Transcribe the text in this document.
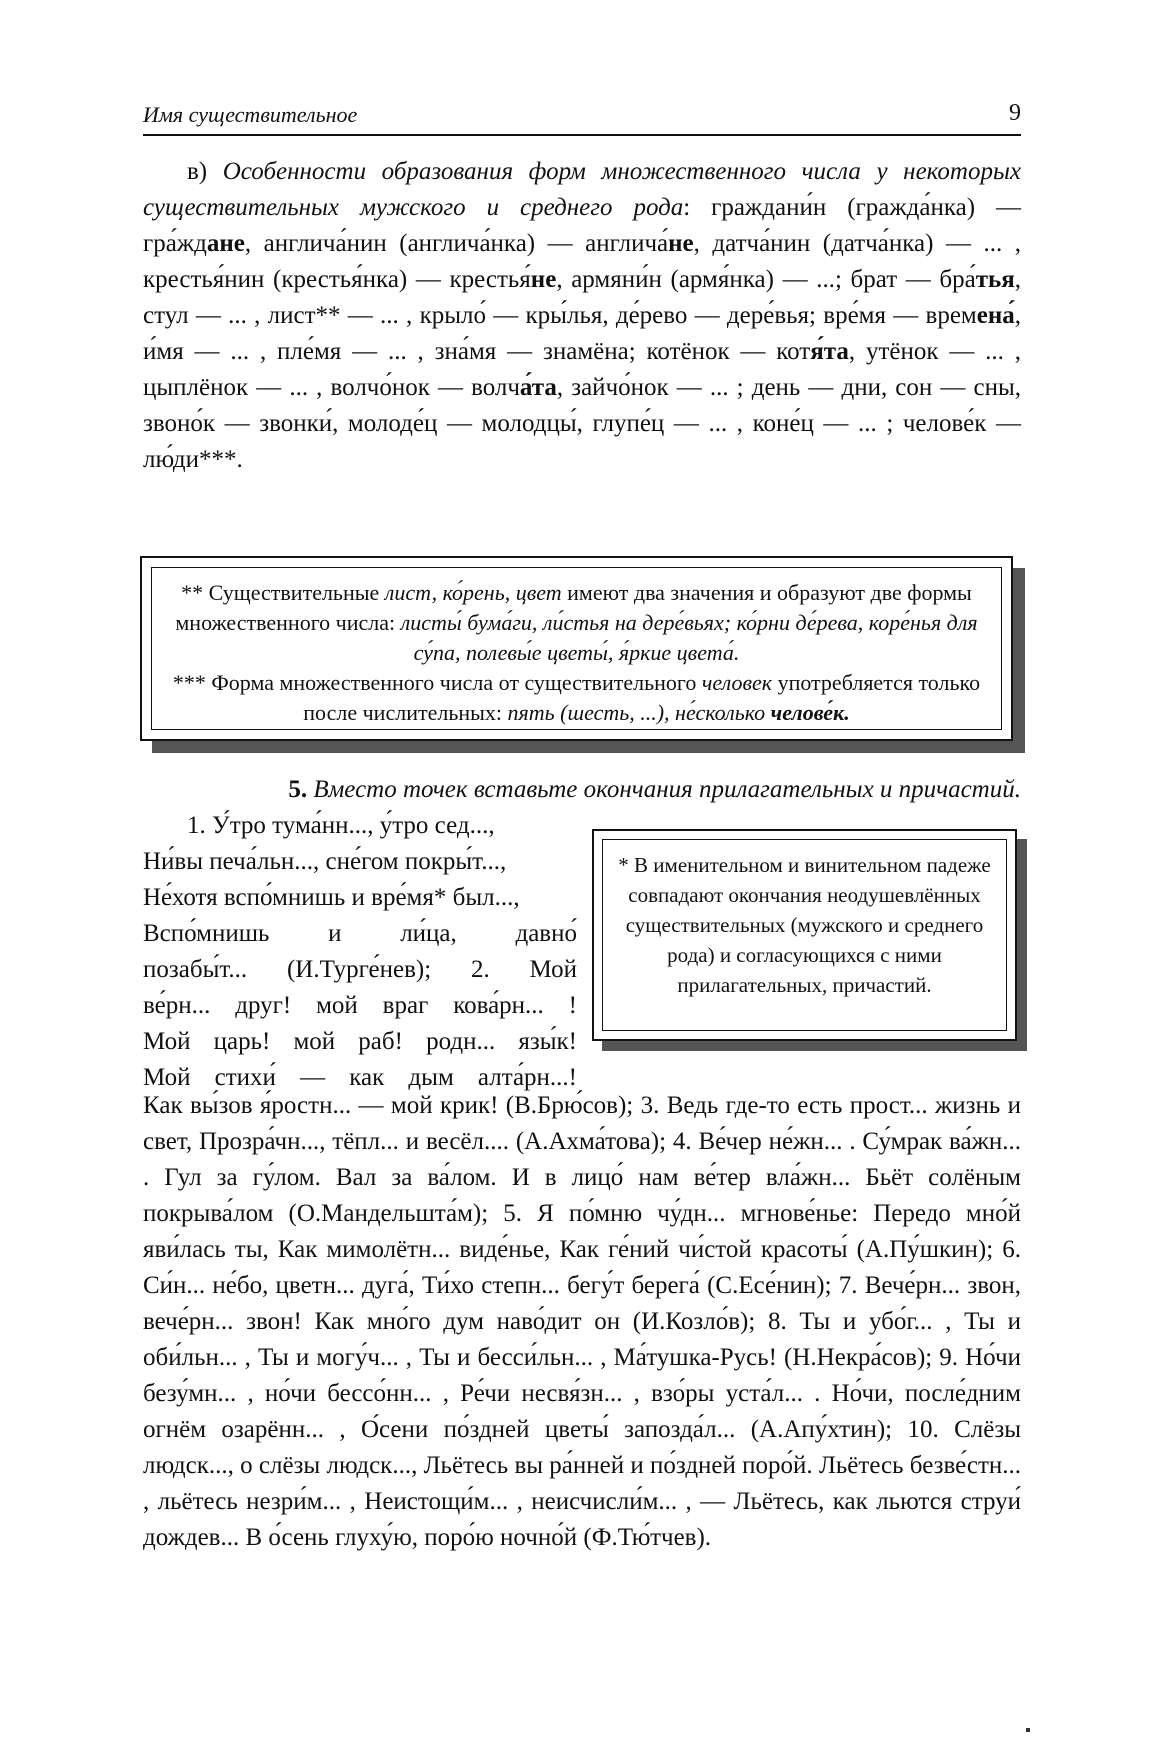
Имя существительное	9

в) Особенности образования форм множественного числа у некоторых существительных мужского и среднего рода: граждани́н (гражда́нка) — гра́ждане, англича́нин (англича́нка) — англича́не, датча́нин (датча́нка) — ... , крестья́нин (крестья́нка) — крестья́не, армяни́н (армя́нка) — ...; брат — бра́тья, стул — ... , лист** — ... , крыло́ — кры́лья, де́рево — дере́вья; вре́мя — времена́, и́мя — ... , пле́мя — ... , зна́мя — знамёна; котёнок — котя́та, утёнок — ... , цыплёнок — ... , волчо́нок — волча́та, зайчо́нок — ... ; день — дни, сон — сны, звоно́к — звонки́, молоде́ц — молодцы́, глупе́ц — ... , коне́ц — ... ; челове́к — лю́ди***.

** Существительные лист, ко́рень, цвет имеют два значения и образуют две формы множественного числа: листы́ бума́ги, ли́стья на дере́вьях; ко́рни де́рева, коре́нья для су́па, полевы́е цветы́, я́ркие цвета́.

*** Форма множественного числа от существительного человек употребляется только после числительных: пять (шесть, ...), не́сколько челове́к.

5. Вместо точек вставьте окончания прилагательных и причастий.

1. У́тро тума́нн..., у́тро сед...,

Ни́вы печа́льн..., сне́гом покры́т...,

Не́хотя вспо́мнишь и вре́мя* был...,

Вспо́мнишь и ли́ца, давно́

позабы́т... (И.Турге́нев); 2. Мой

ве́рн... друг! мой враг кова́рн... !

Мой царь! мой раб! родн... язы́к!

Мой стихи́ — как дым алта́рн...!

* В именительном и винительном падеже совпадают окончания неодушевлённых существительных (мужского и среднего рода) и согласующихся с ними прилагательных, причастий.

Как вы́зов я́ростн... — мой крик! (В.Брю́сов); 3. Ведь где-то есть прост... жизнь и свет, Прозра́чн..., тёпл... и весёл.... (А.Ахма́това); 4. Ве́чер не́жн... . Су́мрак ва́жн... . Гул за гу́лом. Вал за ва́лом. И в лицо́ нам ве́тер вла́жн... Бьёт солёным покрыва́лом (О.Мандельшта́м); 5. Я по́мню чу́дн... мгнове́нье: Передо мно́й яви́лась ты, Как мимолётн... виде́нье, Как ге́ний чи́стой красоты́ (А.Пу́шкин); 6. Си́н... не́бо, цветн... дуга́, Ти́хо степн... бегу́т берега́ (С.Есе́нин); 7. Вече́рн... звон, вече́рн... звон! Как мно́го дум наво́дит он (И.Козло́в); 8. Ты и убо́г... , Ты и оби́льн... , Ты и могу́ч... , Ты и бесси́льн... , Ма́тушка-Русь! (Н.Некра́сов); 9. Но́чи безу́мн... , но́чи бессо́нн... , Ре́чи несвя́зн... , взо́ры уста́л... . Но́чи, после́дним огнём озарённ... , О́сени по́здней цветы́ запозда́л... (А.Апу́хтин); 10. Слёзы людск..., о слёзы людск..., Льётесь вы ра́нней и по́здней поро́й. Льётесь безве́стн... , льётесь незри́м... , Неистощи́м... , неисчисли́м... , — Льётесь, как льются струи́ дождев... В о́сень глуху́ю, поро́ю ночно́й (Ф.Тю́тчев).
